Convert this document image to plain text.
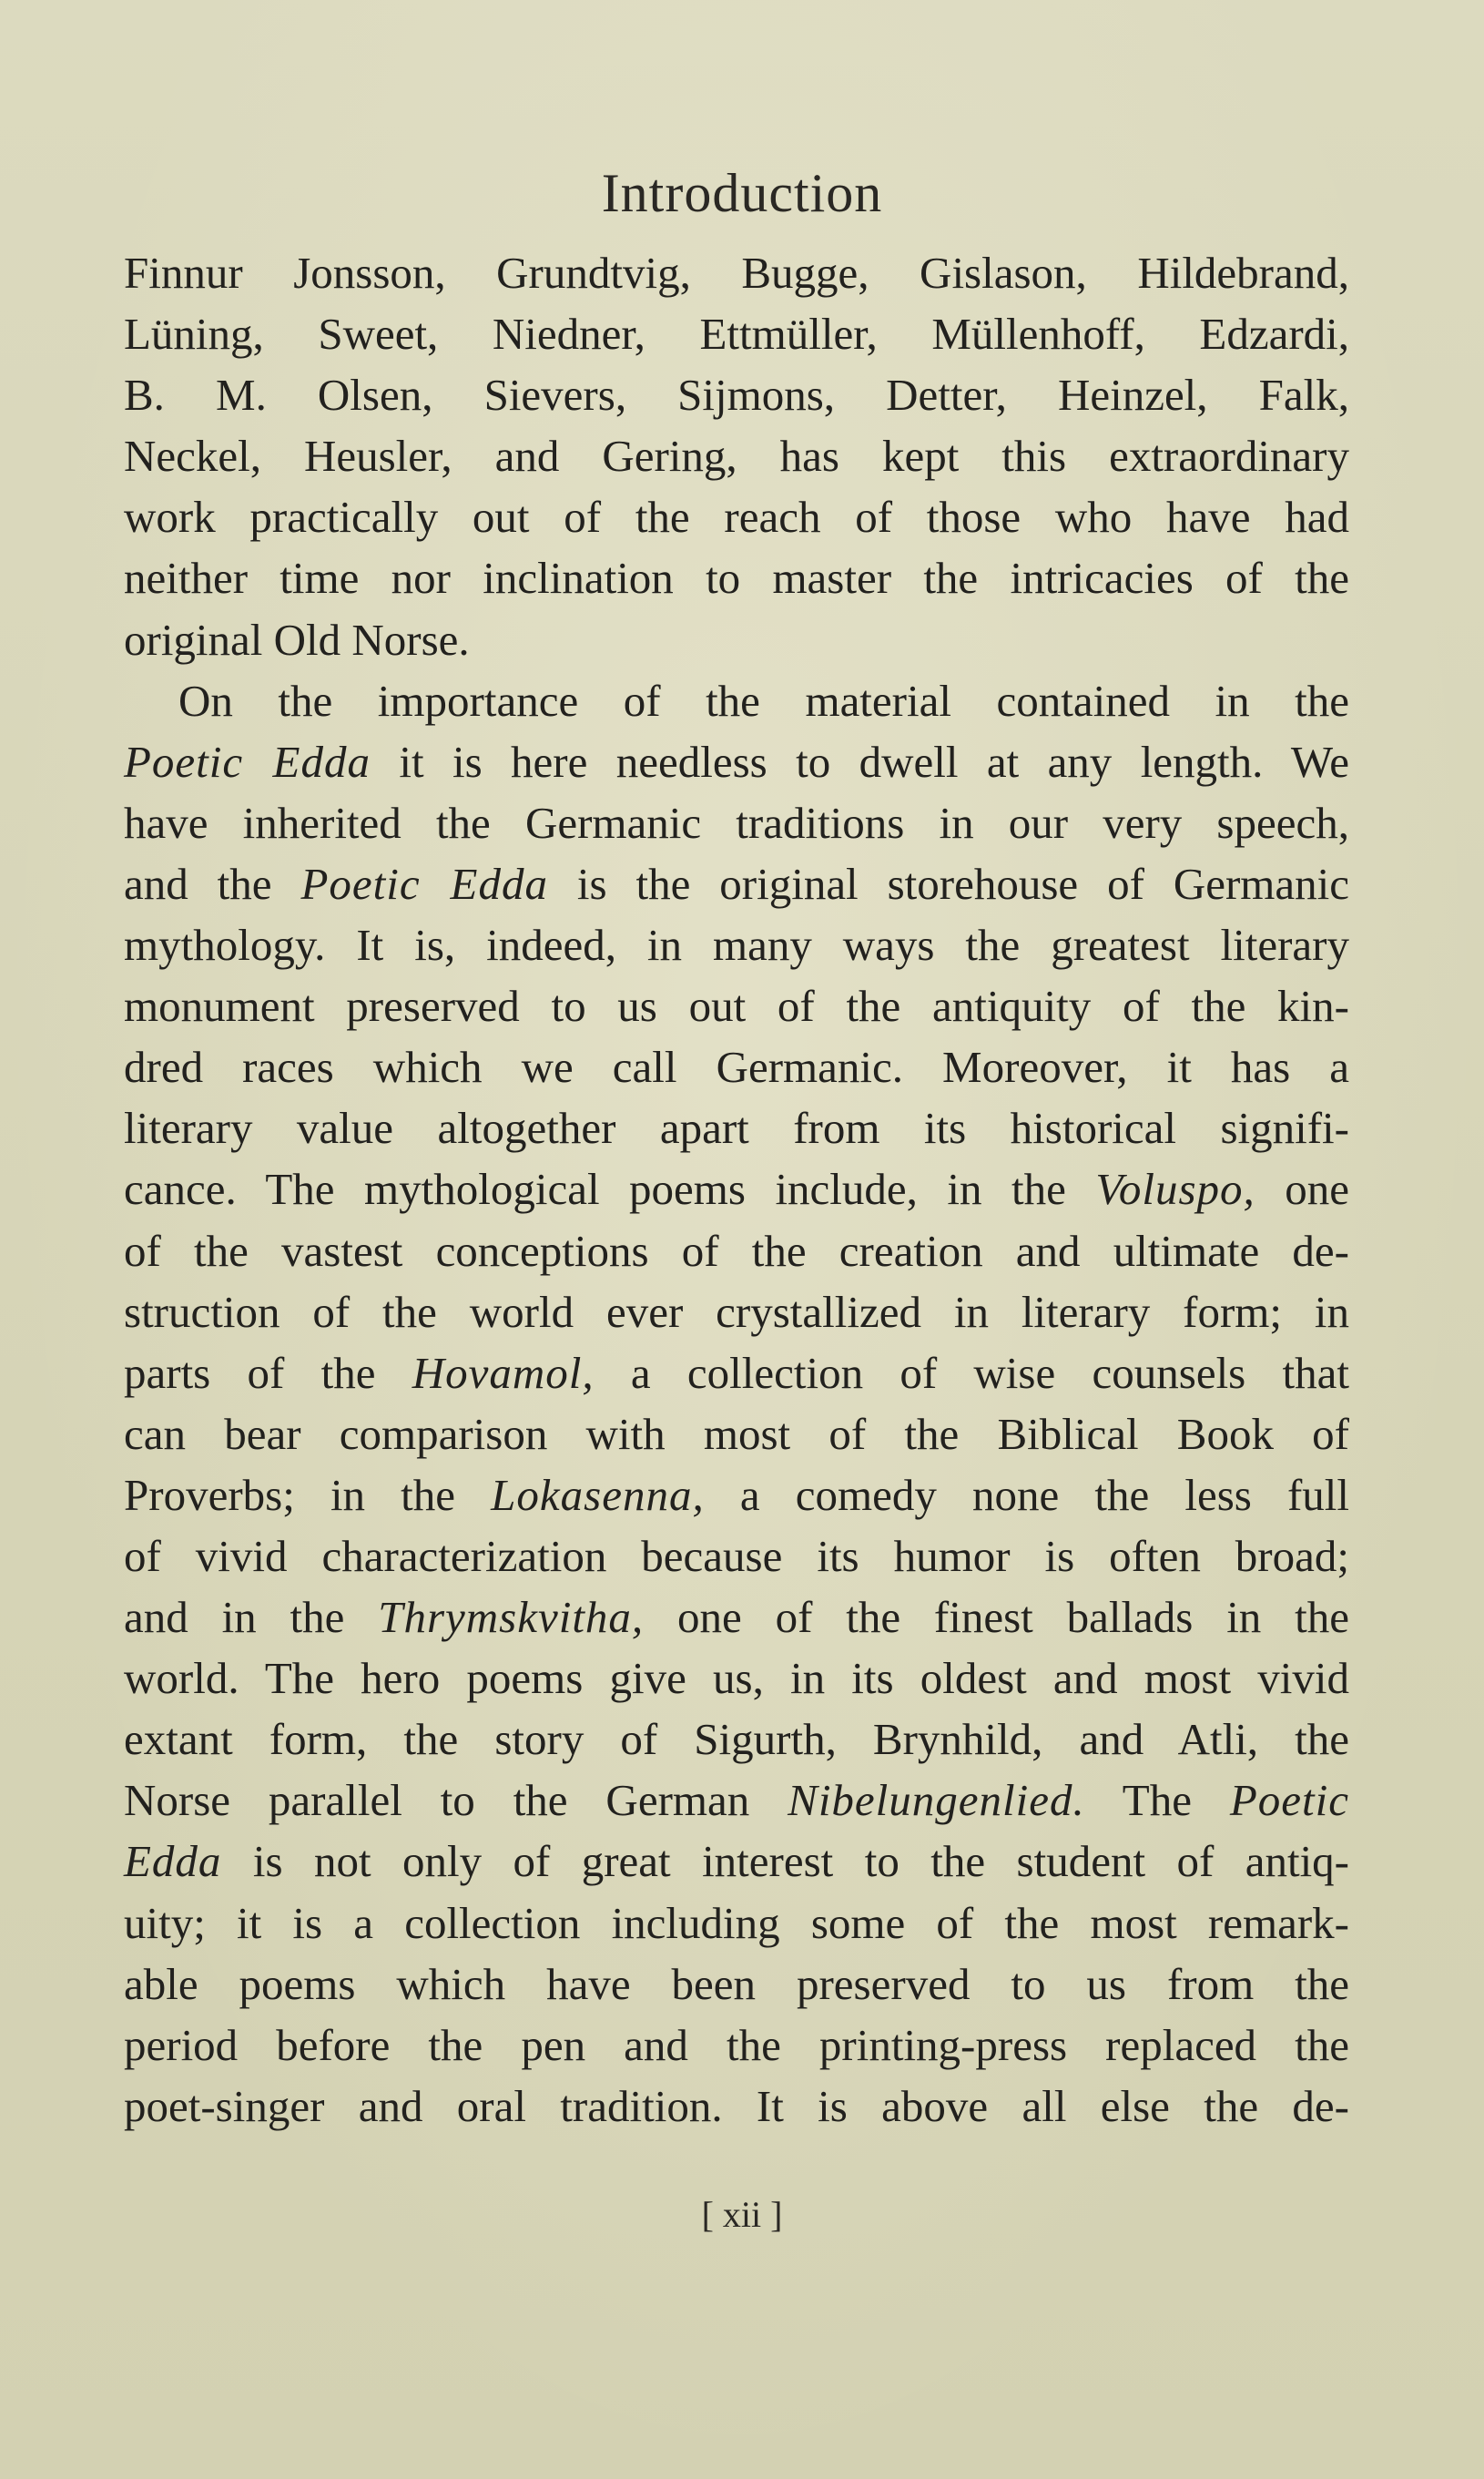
Introduction
Finnur Jonsson, Grundtvig, Bugge, Gislason, Hildebrand,
Lüning, Sweet, Niedner, Ettmüller, Müllenhoff, Edzardi,
B. M. Olsen, Sievers, Sijmons, Detter, Heinzel, Falk,
Neckel, Heusler, and Gering, has kept this extraordinary
work practically out of the reach of those who have had
neither time nor inclination to master the intricacies of the
original Old Norse.
On the importance of the material contained in the
Poetic Edda it is here needless to dwell at any length. We
have inherited the Germanic traditions in our very speech,
and the Poetic Edda is the original storehouse of Germanic
mythology. It is, indeed, in many ways the greatest literary
monument preserved to us out of the antiquity of the kin-
dred races which we call Germanic. Moreover, it has a
literary value altogether apart from its historical signifi-
cance. The mythological poems include, in the Voluspo, one
of the vastest conceptions of the creation and ultimate de-
struction of the world ever crystallized in literary form; in
parts of the Hovamol, a collection of wise counsels that
can bear comparison with most of the Biblical Book of
Proverbs; in the Lokasenna, a comedy none the less full
of vivid characterization because its humor is often broad;
and in the Thrymskvitha, one of the finest ballads in the
world. The hero poems give us, in its oldest and most vivid
extant form, the story of Sigurth, Brynhild, and Atli, the
Norse parallel to the German Nibelungenlied. The Poetic
Edda is not only of great interest to the student of antiq-
uity; it is a collection including some of the most remark-
able poems which have been preserved to us from the
period before the pen and the printing-press replaced the
poet-singer and oral tradition. It is above all else the de-
[ xii ]
